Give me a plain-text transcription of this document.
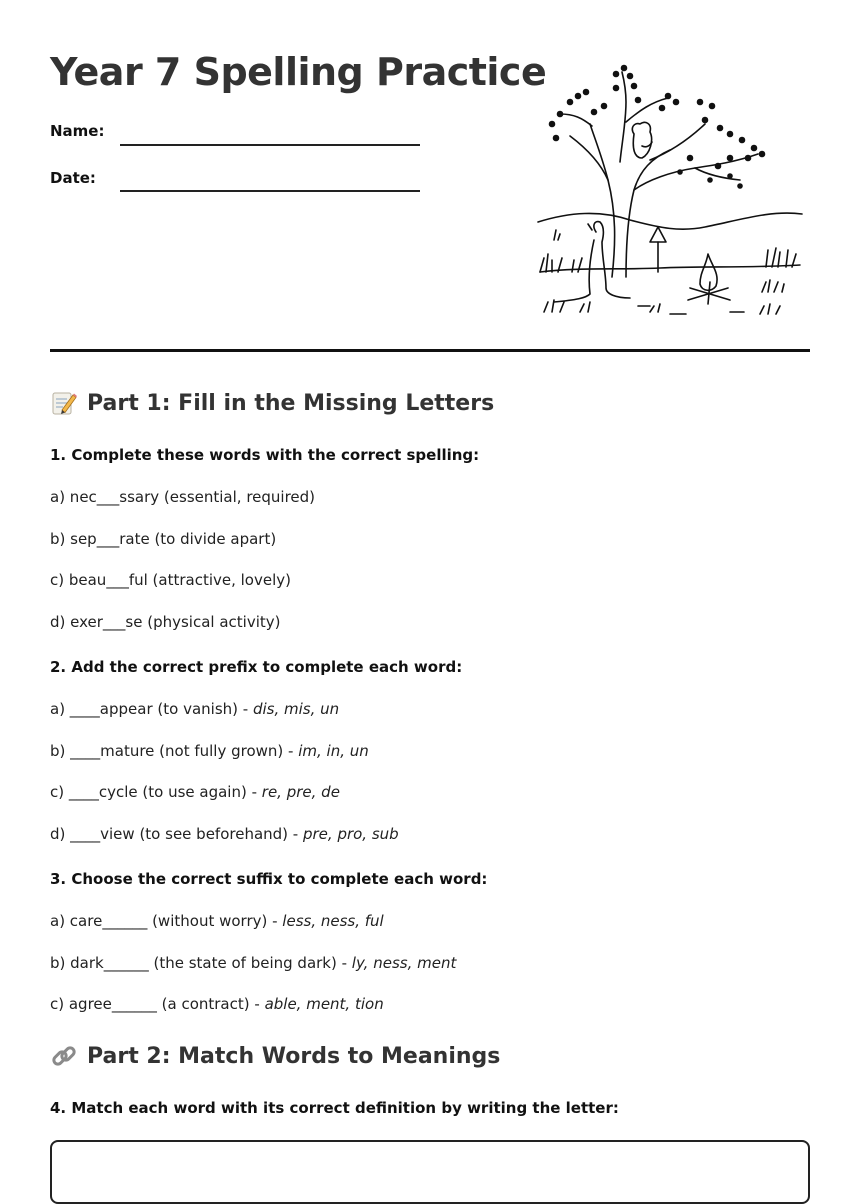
Year 7 Spelling Practice
Name:
Date:
Part 1: Fill in the Missing Letters
1. Complete these words with the correct spelling:
a) nec___ssary (essential, required)
b) sep___rate (to divide apart)
c) beau___ful (attractive, lovely)
d) exer___se (physical activity)
2. Add the correct prefix to complete each word:
a) ____appear (to vanish) - dis, mis, un
b) ____mature (not fully grown) - im, in, un
c) ____cycle (to use again) - re, pre, de
d) ____view (to see beforehand) - pre, pro, sub
3. Choose the correct suffix to complete each word:
a) care______ (without worry) - less, ness, ful
b) dark______ (the state of being dark) - ly, ness, ment
c) agree______ (a contract) - able, ment, tion
Part 2: Match Words to Meanings
4. Match each word with its correct definition by writing the letter:
